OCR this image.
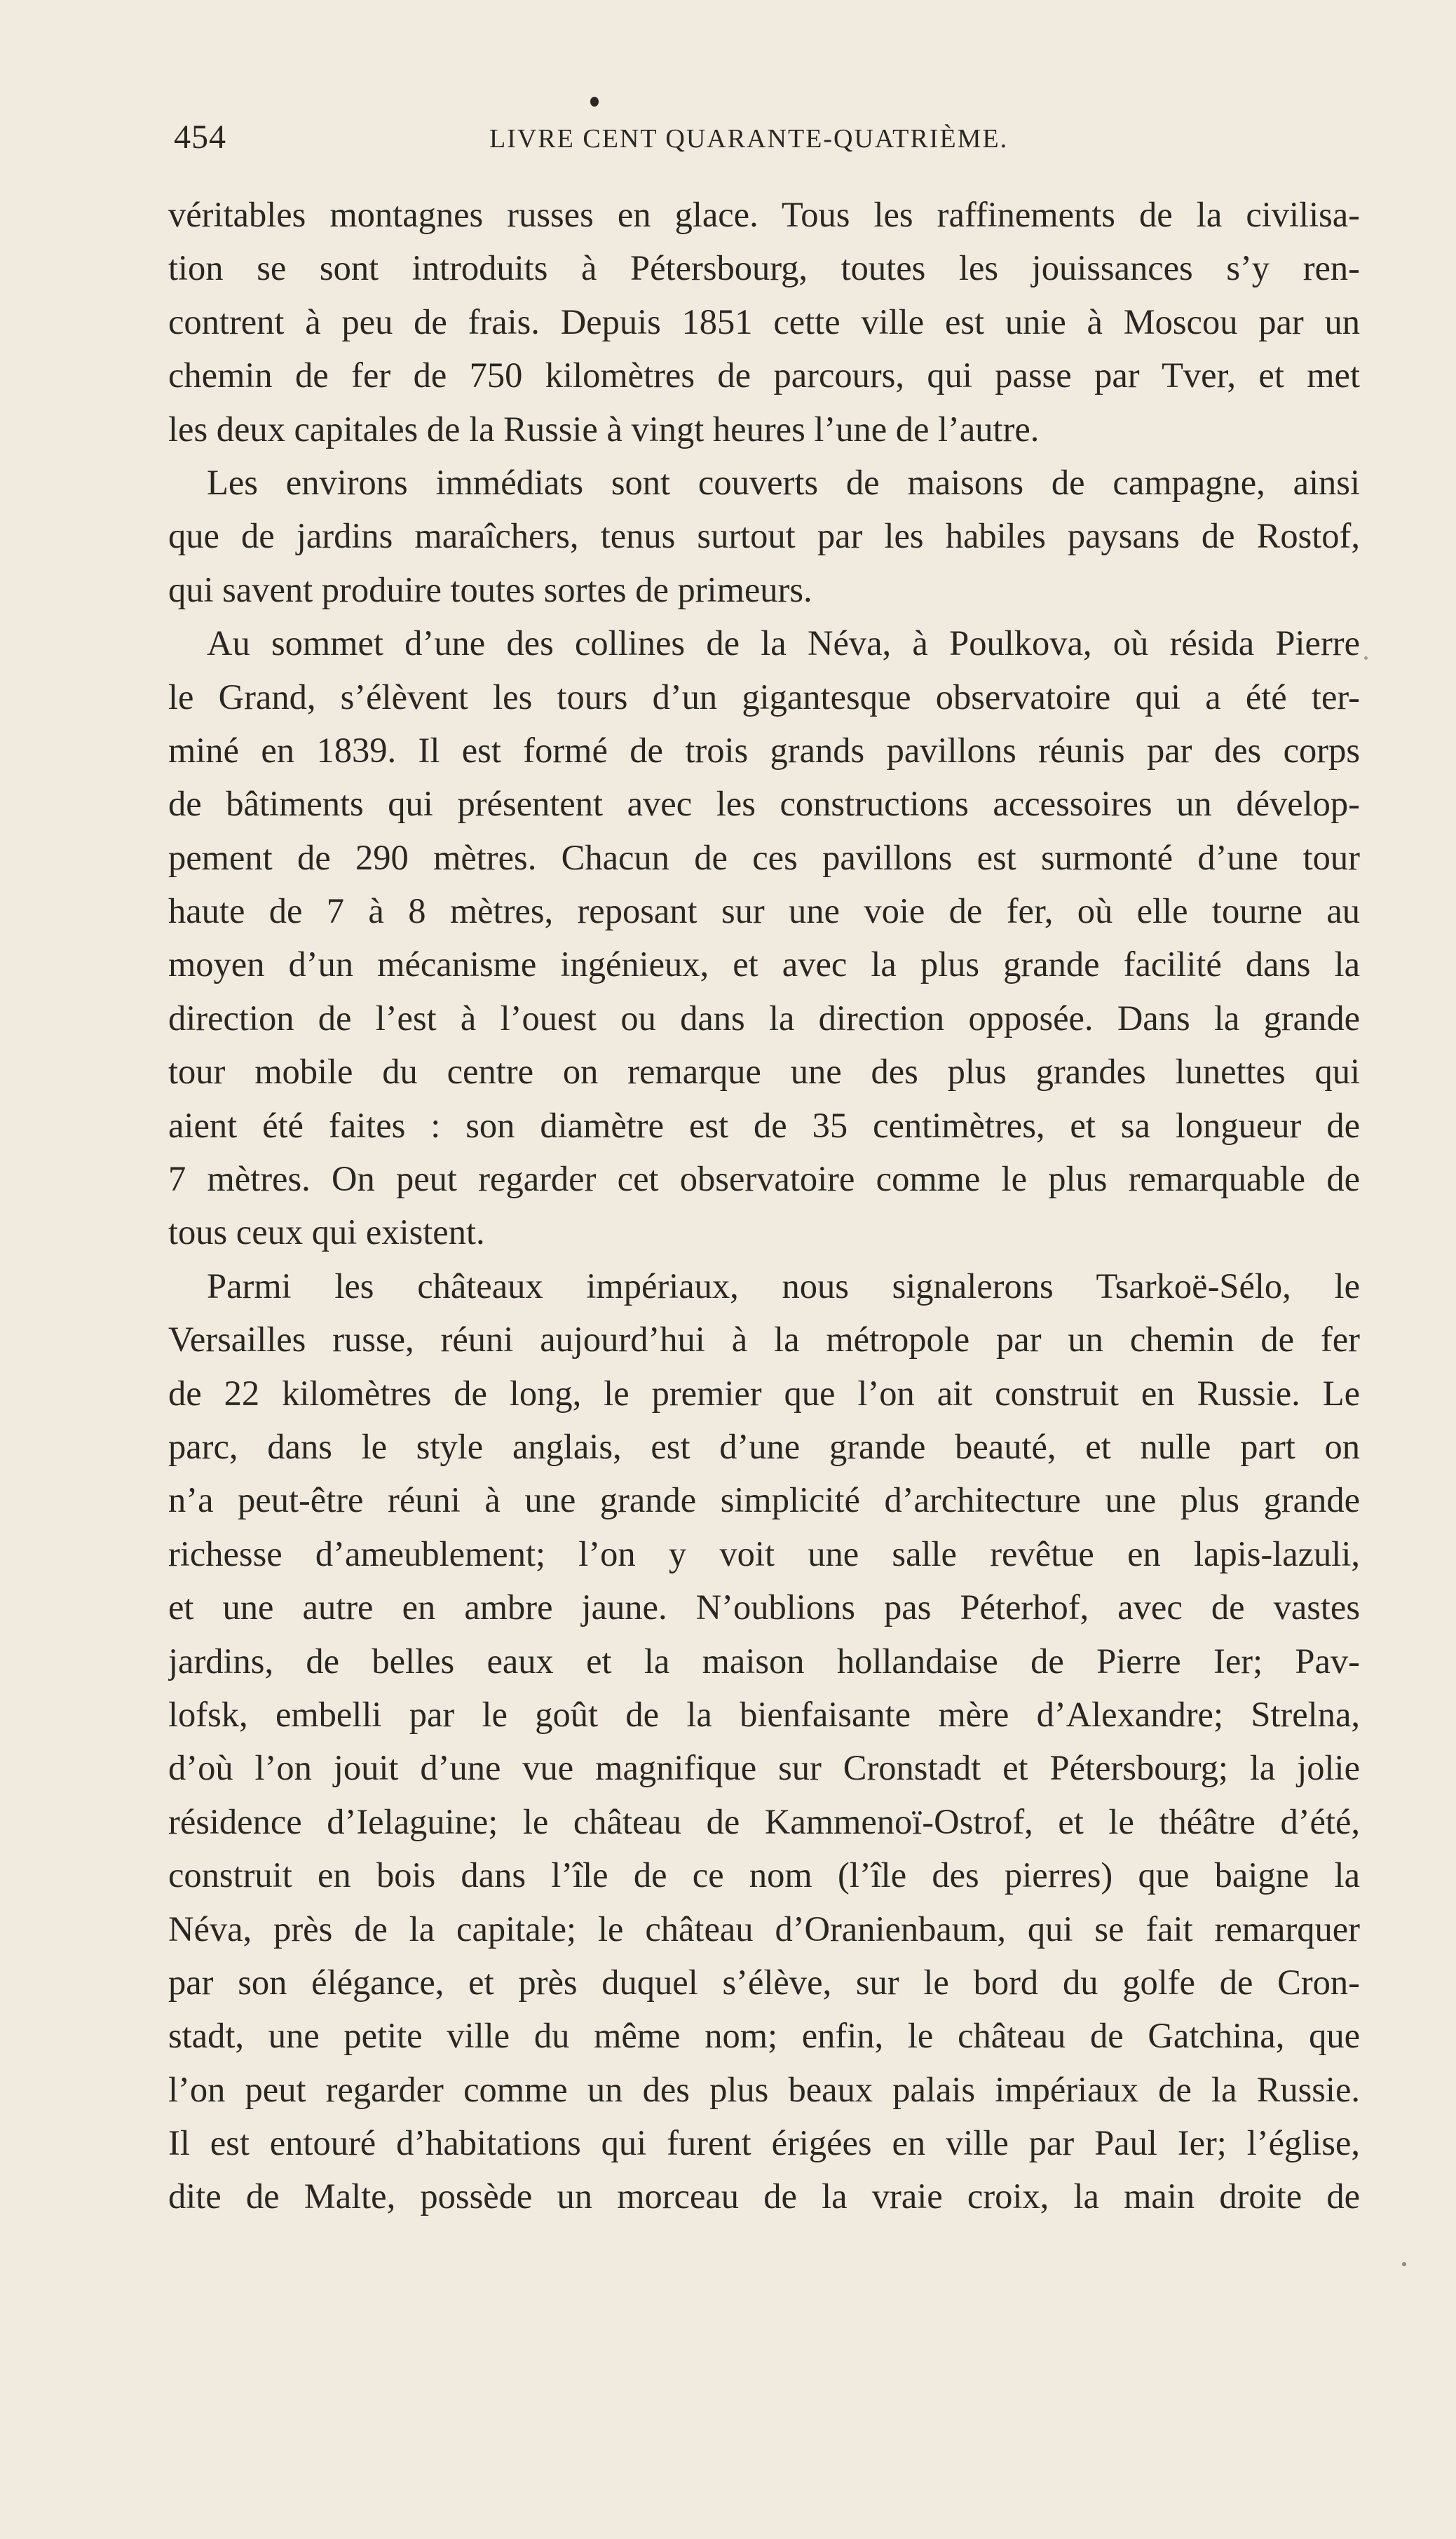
454	LIVRE CENT QUARANTE-QUATRIÈME.
véritables montagnes russes en glace. Tous les raffinements de la civilisa-
tion se sont introduits à Pétersbourg, toutes les jouissances s’y ren-
contrent à peu de frais. Depuis 1851 cette ville est unie à Moscou par un
chemin de fer de 750 kilomètres de parcours, qui passe par Tver, et met
les deux capitales de la Russie à vingt heures l’une de l’autre.
Les environs immédiats sont couverts de maisons de campagne, ainsi
que de jardins maraîchers, tenus surtout par les habiles paysans de Rostof,
qui savent produire toutes sortes de primeurs.
Au sommet d’une des collines de la Néva, à Poulkova, où résida Pierre
le Grand, s’élèvent les tours d’un gigantesque observatoire qui a été ter-
miné en 1839. Il est formé de trois grands pavillons réunis par des corps
de bâtiments qui présentent avec les constructions accessoires un dévelop-
pement de 290 mètres. Chacun de ces pavillons est surmonté d’une tour
haute de 7 à 8 mètres, reposant sur une voie de fer, où elle tourne au
moyen d’un mécanisme ingénieux, et avec la plus grande facilité dans la
direction de l’est à l’ouest ou dans la direction opposée. Dans la grande
tour mobile du centre on remarque une des plus grandes lunettes qui
aient été faites : son diamètre est de 35 centimètres, et sa longueur de
7 mètres. On peut regarder cet observatoire comme le plus remarquable de
tous ceux qui existent.
Parmi les châteaux impériaux, nous signalerons Tsarkoë-Sélo, le
Versailles russe, réuni aujourd’hui à la métropole par un chemin de fer
de 22 kilomètres de long, le premier que l’on ait construit en Russie. Le
parc, dans le style anglais, est d’une grande beauté, et nulle part on
n’a peut-être réuni à une grande simplicité d’architecture une plus grande
richesse d’ameublement; l’on y voit une salle revêtue en lapis-lazuli,
et une autre en ambre jaune. N’oublions pas Péterhof, avec de vastes
jardins, de belles eaux et la maison hollandaise de Pierre Ier; Pav-
lofsk, embelli par le goût de la bienfaisante mère d’Alexandre; Strelna,
d’où l’on jouit d’une vue magnifique sur Cronstadt et Pétersbourg; la jolie
résidence d’Ielaguine; le château de Kammenoï-Ostrof, et le théâtre d’été,
construit en bois dans l’île de ce nom (l’île des pierres) que baigne la
Néva, près de la capitale; le château d’Oranienbaum, qui se fait remarquer
par son élégance, et près duquel s’élève, sur le bord du golfe de Cron-
stadt, une petite ville du même nom; enfin, le château de Gatchina, que
l’on peut regarder comme un des plus beaux palais impériaux de la Russie.
Il est entouré d’habitations qui furent érigées en ville par Paul Ier; l’église,
dite de Malte, possède un morceau de la vraie croix, la main droite de
